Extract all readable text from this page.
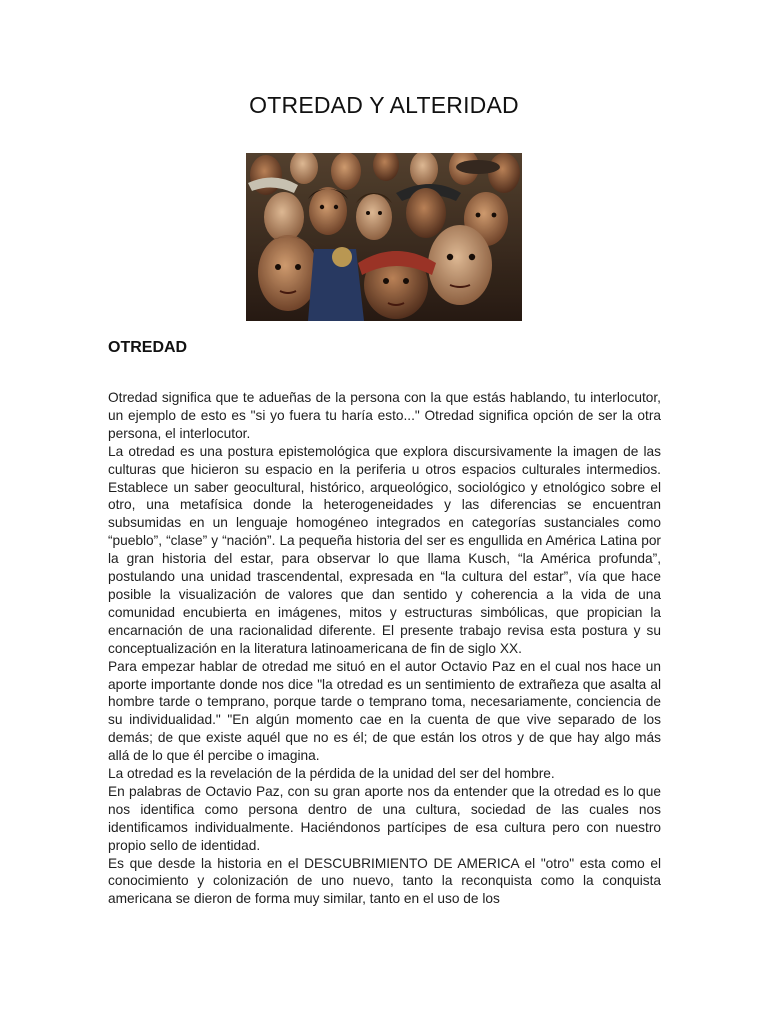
OTREDAD Y ALTERIDAD
OTREDAD

Otredad significa que te adueñas de la persona con la que estás hablando, tu interlocutor, un ejemplo de esto es "si yo fuera tu haría esto..." Otredad significa opción de ser la otra persona, el interlocutor.

La otredad es una postura epistemológica que explora discursivamente la imagen de las culturas que hicieron su espacio en la periferia u otros espacios culturales intermedios. Establece un saber geocultural, histórico, arqueológico, sociológico y etnológico sobre el otro, una metafísica donde la heterogeneidades y las diferencias se encuentran subsumidas en un lenguaje homogéneo integrados en categorías sustanciales como “pueblo”, “clase” y “nación”. La pequeña historia del ser es engullida en América Latina por la gran historia del estar, para observar lo que llama Kusch, “la América profunda”, postulando una unidad trascendental, expresada en “la cultura del estar”, vía que hace posible la visualización de valores que dan sentido y coherencia a la vida de una comunidad encubierta en imágenes, mitos y estructuras simbólicas, que propician la encarnación de una racionalidad diferente. El presente trabajo revisa esta postura y su conceptualización en la literatura latinoamericana de fin de siglo XX.

Para empezar hablar de otredad me situó en el autor Octavio Paz en el cual nos hace un aporte importante donde nos dice "la otredad es un sentimiento de extrañeza que asalta al hombre tarde o temprano, porque tarde o temprano toma, necesariamente, conciencia de su individualidad." "En algún momento cae en la cuenta de que vive separado de los demás; de que existe aquél que no es él; de que están los otros y de que hay algo más allá de lo que él percibe o imagina.

La otredad es la revelación de la pérdida de la unidad del ser del hombre.

En palabras de Octavio Paz, con su gran aporte nos da entender que la otredad es lo que nos identifica como persona dentro de una cultura, sociedad de las cuales nos identificamos individualmente. Haciéndonos partícipes de esa cultura pero con nuestro propio sello de identidad.

Es que desde la historia en el DESCUBRIMIENTO DE AMERICA el "otro" esta como el conocimiento y colonización de uno nuevo, tanto la reconquista como la conquista americana se dieron de forma muy similar, tanto en el uso de los
